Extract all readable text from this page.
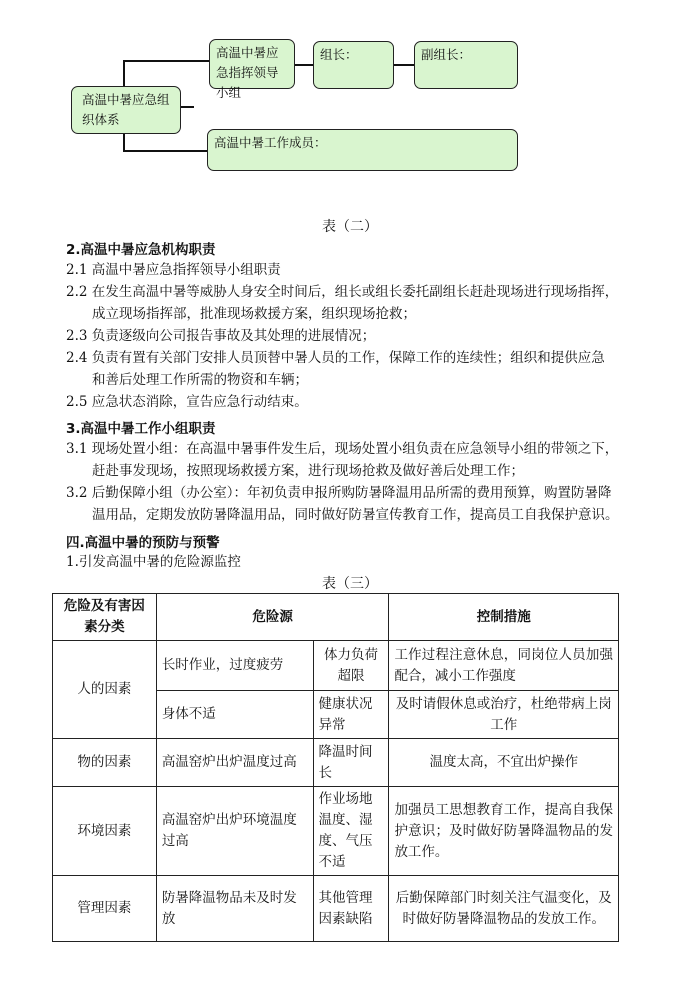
高温中暑应急组织体系
高温中暑应急指挥领导小组
组长：	副组长：
高温中暑工作成员：
表（二）
2.高温中暑应急机构职责
2.1 高温中暑应急指挥领导小组职责
2.2 在发生高温中暑等威胁人身安全时间后，组长或组长委托副组长赶赴现场进行现场指挥，
成立现场指挥部，批准现场救援方案，组织现场抢救；
2.3 负责逐级向公司报告事故及其处理的进展情况；
2.4 负责有置有关部门安排人员顶替中暑人员的工作，保障工作的连续性；组织和提供应急
和善后处理工作所需的物资和车辆；
2.5 应急状态消除，宣告应急行动结束。
3.高温中暑工作小组职责
3.1 现场处置小组：在高温中暑事件发生后，现场处置小组负责在应急领导小组的带领之下，
赶赴事发现场，按照现场救援方案，进行现场抢救及做好善后处理工作；
3.2 后勤保障小组（办公室）：年初负责申报所购防暑降温用品所需的费用预算，购置防暑降
温用品，定期发放防暑降温用品，同时做好防暑宣传教育工作，提高员工自我保护意识。
四.高温中暑的预防与预警
1.引发高温中暑的危险源监控
表（三）
危险及有害因素分类	危险源		控制措施
人的因素	长时作业，过度疲劳	体力负荷超限	工作过程注意休息，同岗位人员加强配合，减小工作强度
	身体不适	健康状况异常	及时请假休息或治疗，杜绝带病上岗工作
物的因素	高温窑炉出炉温度过高	降温时间长	温度太高，不宜出炉操作
环境因素	高温窑炉出炉环境温度过高	作业场地温度、湿度、气压不适	加强员工思想教育工作，提高自我保护意识；及时做好防暑降温物品的发放工作。
管理因素	防暑降温物品未及时发放	其他管理因素缺陷	后勤保障部门时刻关注气温变化，及时做好防暑降温物品的发放工作。
